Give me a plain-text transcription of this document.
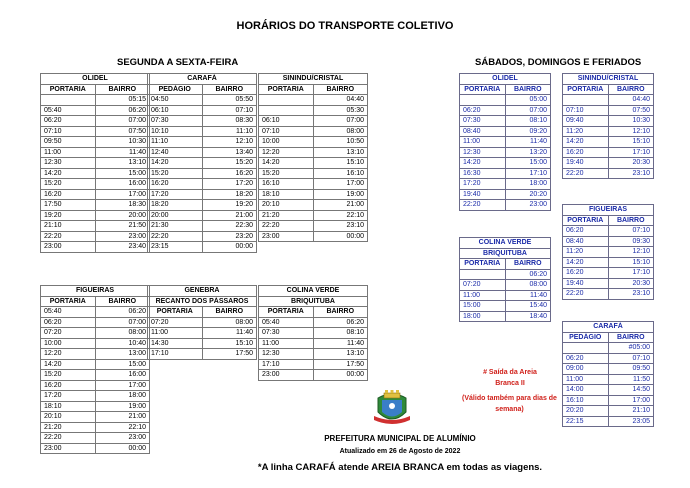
HORÁRIOS DO TRANSPORTE COLETIVO
SEGUNDA A SEXTA-FEIRA	SÁBADOS, DOMINGOS E FERIADOS
OLIDEL	
PORTARIA	BAIRRO
	05:15
05:40	06:20
06:20	07:00
07:10	07:50
09:50	10:30
11:00	11:40
12:30	13:10
14:20	15:00
15:20	16:00
16:20	17:00
17:50	18:30
19:20	20:00
21:10	21:50
22:20	23:00
23:00	23:40
CARAFÁ	
PEDÁGIO	BAIRRO
04:50	05:50
06:10	07:10
07:30	08:30
10:10	11:10
11:10	12:10
12:40	13:40
14:20	15:20
15:20	16:20
16:20	17:20
17:20	18:20
18:20	19:20
20:00	21:00
21:30	22:30
22:20	23:20
23:15	00:00
SININDU/CRISTAL	
PORTARIA	BAIRRO
	04:40
	05:30
06:10	07:00
07:10	08:00
10:00	10:50
12:20	13:10
14:20	15:10
15:20	16:10
16:10	17:00
18:10	19:00
20:10	21:00
21:20	22:10
22:20	23:10
23:00	00:00
FIGUEIRAS	
PORTARIA	BAIRRO
05:40	06:20
06:20	07:00
07:20	08:00
10:00	10:40
12:20	13:00
14:20	15:00
15:20	16:00
16:20	17:00
17:20	18:00
18:10	19:00
20:10	21:00
21:20	22:10
22:20	23:00
23:00	00:00
GENEBRA	
RECANTO DOS PÁSSAROS	
PORTARIA	BAIRRO
07:20	08:00
11:00	11:40
14:30	15:10
17:10	17:50
COLINA VERDE	
BRIQUITUBA	
PORTARIA	BAIRRO
05:40	06:20
07:30	08:10
11:00	11:40
12:30	13:10
17:10	17:50
23:00	00:00
OLIDEL	
PORTARIA	BAIRRO
	05:00
06:20	07:00
07:30	08:10
08:40	09:20
11:00	11:40
12:30	13:20
14:20	15:00
16:30	17:10
17:20	18:00
19:40	20:20
22:20	23:00
SININDU/CRISTAL	
PORTARIA	BAIRRO
	04:40
07:10	07:50
09:40	10:30
11:20	12:10
14:20	15:10
16:20	17:10
19:40	20:30
22:20	23:10
FIGUEIRAS	
PORTARIA	BAIRRO
06:20	07:10
08:40	09:30
11:20	12:10
14:20	15:10
16:20	17:10
19:40	20:30
22:20	23:10
COLINA VERDE	
BRIQUITUBA	
PORTARIA	BAIRRO
	06:20
07:20	08:00
11:00	11:40
15:00	15:40
18:00	18:40
CARAFÁ	
PEDÁGIO	BAIRRO
	#05:00
06:20	07:10
09:00	09:50
11:00	11:50
14:00	14:50
16:10	17:00
20:20	21:10
22:15	23:05
# Saída da Areia Branca II
(Válido também para dias de semana)
PREFEITURA MUNICIPAL DE ALUMÍNIO
Atualizado em 26 de Agosto de 2022
*A linha CARAFÁ atende AREIA BRANCA em todas as viagens.
